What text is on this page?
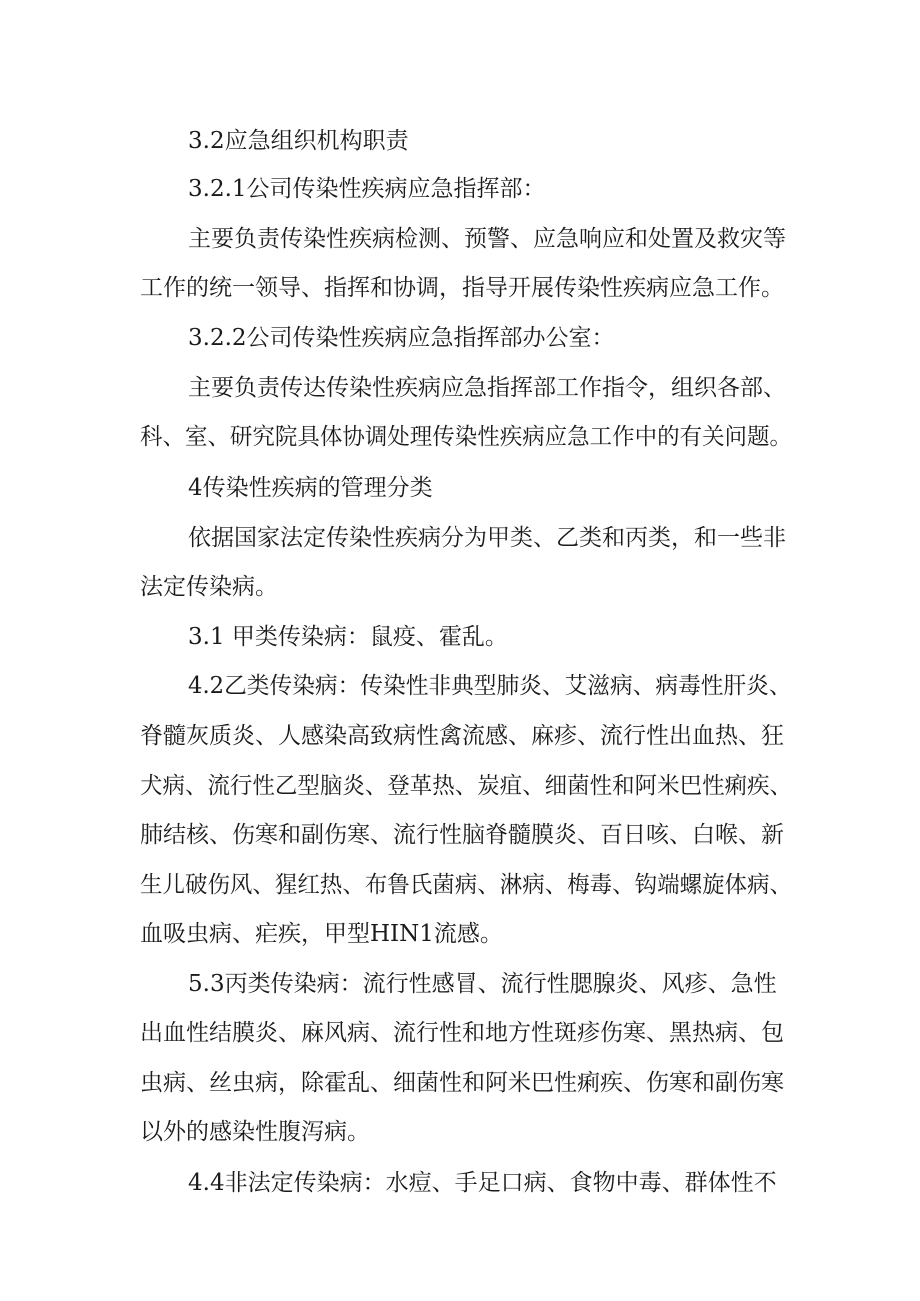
3.2应急组织机构职责
3.2.1公司传染性疾病应急指挥部：
主要负责传染性疾病检测、预警、应急响应和处置及救灾等
工作的统一领导、指挥和协调，指导开展传染性疾病应急工作。
3.2.2公司传染性疾病应急指挥部办公室：
主要负责传达传染性疾病应急指挥部工作指令，组织各部、
科、室、研究院具体协调处理传染性疾病应急工作中的有关问题。
4传染性疾病的管理分类
依据国家法定传染性疾病分为甲类、乙类和丙类，和一些非
法定传染病。
3.1 甲类传染病：鼠疫、霍乱。
4.2乙类传染病：传染性非典型肺炎、艾滋病、病毒性肝炎、
脊髓灰质炎、人感染高致病性禽流感、麻疹、流行性出血热、狂
犬病、流行性乙型脑炎、登革热、炭疽、细菌性和阿米巴性痢疾、
肺结核、伤寒和副伤寒、流行性脑脊髓膜炎、百日咳、白喉、新
生儿破伤风、猩红热、布鲁氏菌病、淋病、梅毒、钩端螺旋体病、
血吸虫病、疟疾，甲型HIN1流感。
5.3丙类传染病：流行性感冒、流行性腮腺炎、风疹、急性
出血性结膜炎、麻风病、流行性和地方性斑疹伤寒、黑热病、包
虫病、丝虫病，除霍乱、细菌性和阿米巴性痢疾、伤寒和副伤寒
以外的感染性腹泻病。
4.4非法定传染病：水痘、手足口病、食物中毒、群体性不
